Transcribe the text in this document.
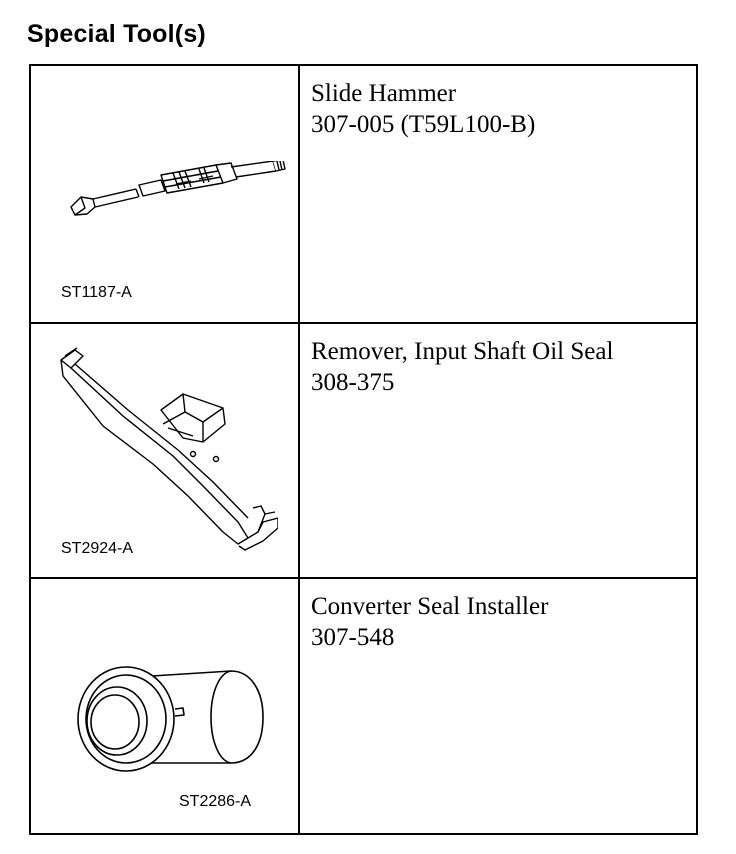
Special Tool(s)
ST1187-A
Slide Hammer
307-005 (T59L100-B)
ST2924-A
Remover, Input Shaft Oil Seal
308-375
ST2286-A
Converter Seal Installer
307-548
